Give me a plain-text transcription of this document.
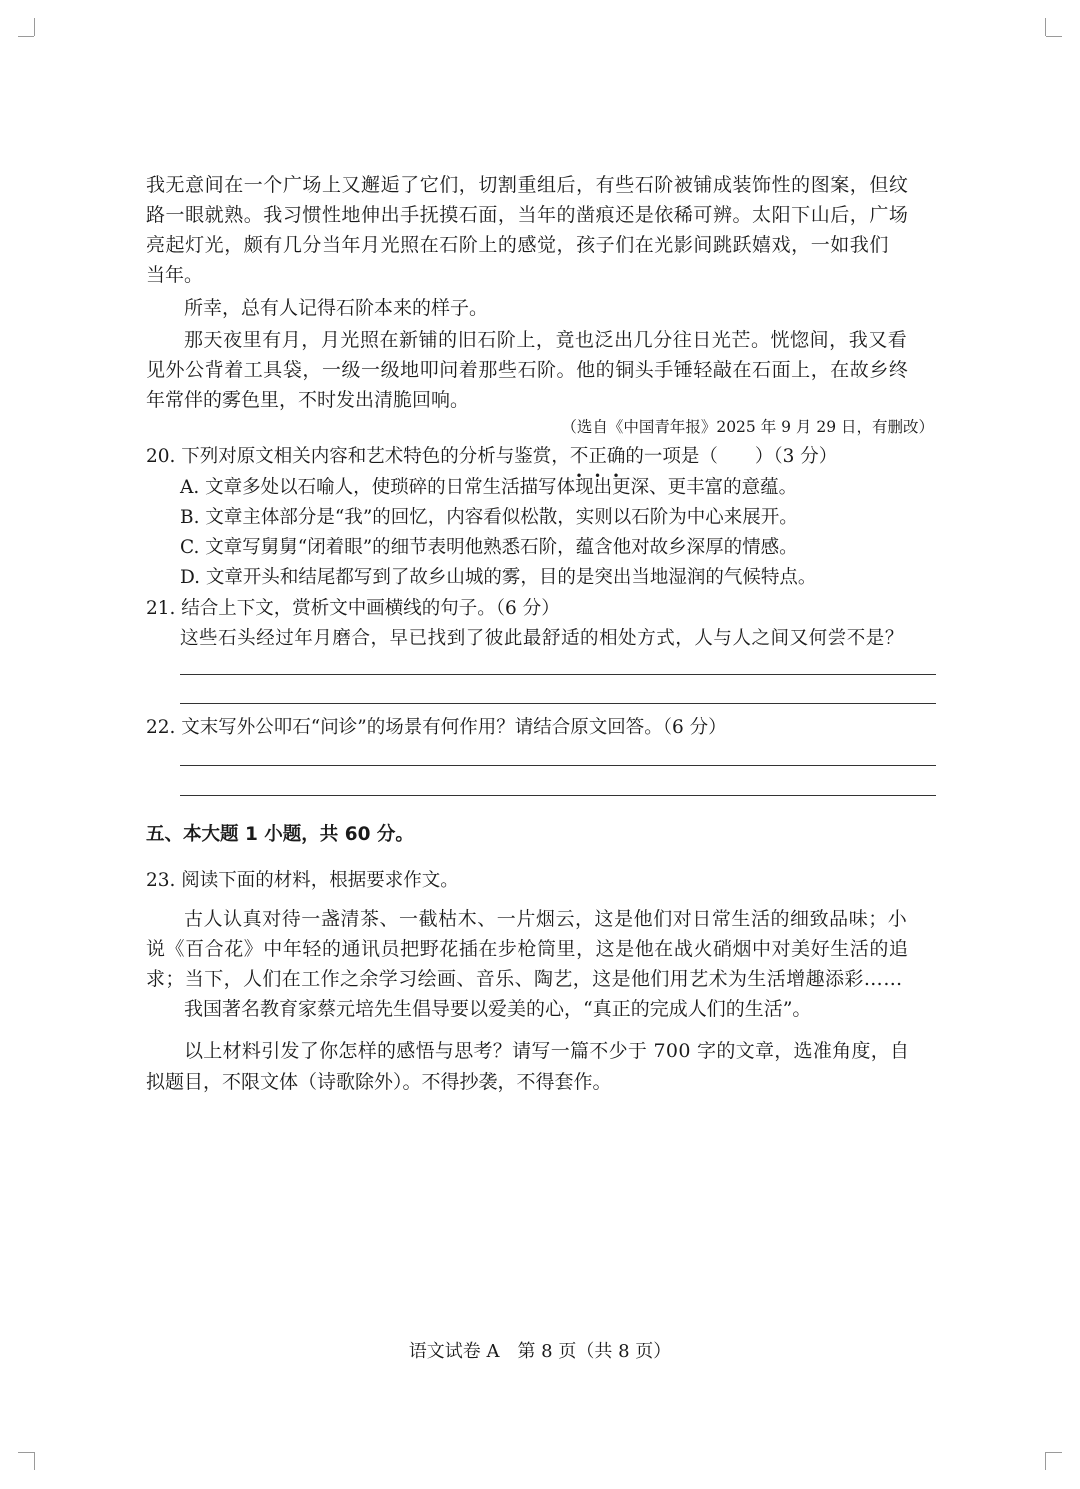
我无意间在一个广场上又邂逅了它们，切割重组后，有些石阶被铺成装饰性的图案，但纹
路一眼就熟。我习惯性地伸出手抚摸石面，当年的凿痕还是依稀可辨。太阳下山后，广场
亮起灯光，颇有几分当年月光照在石阶上的感觉，孩子们在光影间跳跃嬉戏，一如我们
当年。
所幸，总有人记得石阶本来的样子。
那天夜里有月，月光照在新铺的旧石阶上，竟也泛出几分往日光芒。恍惚间，我又看
见外公背着工具袋，一级一级地叩问着那些石阶。他的铜头手锤轻敲在石面上，在故乡终
年常伴的雾色里，不时发出清脆回响。
（选自《中国青年报》2025 年 9 月 29 日，有删改）
20. 下列对原文相关内容和艺术特色的分析与鉴赏，不正确的一项是（　　）（3 分）
A. 文章多处以石喻人，使琐碎的日常生活描写体现出更深、更丰富的意蕴。
B. 文章主体部分是“我”的回忆，内容看似松散，实则以石阶为中心来展开。
C. 文章写舅舅“闭着眼”的细节表明他熟悉石阶，蕴含他对故乡深厚的情感。
D. 文章开头和结尾都写到了故乡山城的雾，目的是突出当地湿润的气候特点。
21. 结合上下文，赏析文中画横线的句子。（6 分）
这些石头经过年月磨合，早已找到了彼此最舒适的相处方式，人与人之间又何尝不是？
22. 文末写外公叩石“问诊”的场景有何作用？请结合原文回答。（6 分）
五、本大题 1 小题，共 60 分。
23. 阅读下面的材料，根据要求作文。
古人认真对待一盏清茶、一截枯木、一片烟云，这是他们对日常生活的细致品味；小
说《百合花》中年轻的通讯员把野花插在步枪筒里，这是他在战火硝烟中对美好生活的追
求；当下，人们在工作之余学习绘画、音乐、陶艺，这是他们用艺术为生活增趣添彩……
我国著名教育家蔡元培先生倡导要以爱美的心，“真正的完成人们的生活”。
以上材料引发了你怎样的感悟与思考？请写一篇不少于 700 字的文章，选准角度，自
拟题目，不限文体（诗歌除外）。不得抄袭，不得套作。
语文试卷 A　第 8 页（共 8 页）
